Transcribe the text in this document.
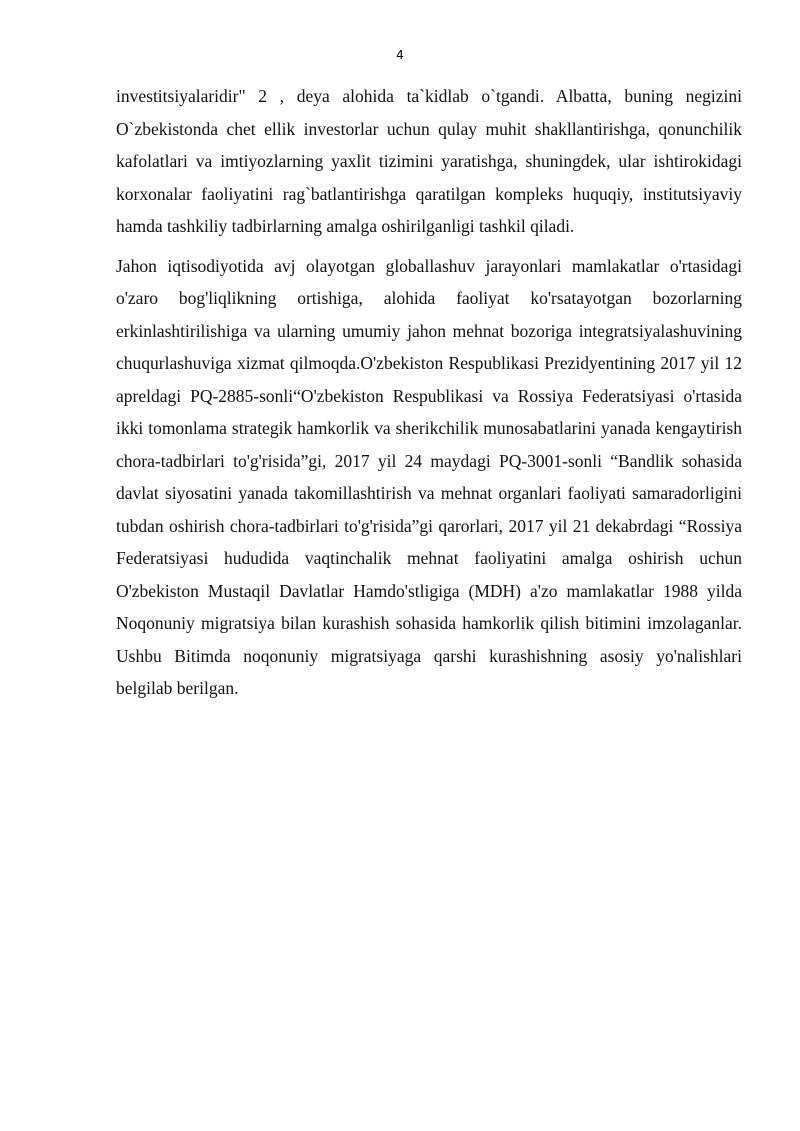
4

investitsiyalaridir" 2 , deya alohida ta`kidlab o`tgandi. Albatta, buning negizini O`zbekistonda chet ellik investorlar uchun qulay muhit shakllantirishga, qonunchilik kafolatlari va imtiyozlarning yaxlit tizimini yaratishga, shuningdek, ular ishtirokidagi korxonalar faoliyatini rag`batlantirishga qaratilgan kompleks huquqiy, institutsiyaviy hamda tashkiliy tadbirlarning amalga oshirilganligi tashkil qiladi.

Jahon iqtisodiyotida avj olayotgan globallashuv jarayonlari mamlakatlar o'rtasidagi o'zaro bog'liqlikning ortishiga, alohida faoliyat ko'rsatayotgan bozorlarning erkinlashtirilishiga va ularning umumiy jahon mehnat bozoriga integratsiyalashuvining chuqurlashuviga xizmat qilmoqda.O'zbekiston Respublikasi Prezidyentining 2017 yil 12 apreldagi PQ-2885-sonli“O'zbekiston Respublikasi va Rossiya Federatsiyasi o'rtasida ikki tomonlama strategik hamkorlik va sherikchilik munosabatlarini yanada kengaytirish chora-tadbirlari to'g'risida”gi, 2017 yil 24 maydagi PQ-3001-sonli “Bandlik sohasida davlat siyosatini yanada takomillashtirish va mehnat organlari faoliyati samaradorligini tubdan oshirish chora-tadbirlari to'g'risida”gi qarorlari, 2017 yil 21 dekabrdagi “Rossiya Federatsiyasi hududida vaqtinchalik mehnat faoliyatini amalga oshirish uchun O'zbekiston Mustaqil Davlatlar Hamdo'stligiga (MDH) a'zo mamlakatlar 1988 yilda Noqonuniy migratsiya bilan kurashish sohasida hamkorlik qilish bitimini imzolaganlar. Ushbu Bitimda noqonuniy migratsiyaga qarshi kurashishning asosiy yo'nalishlari belgilab berilgan.
